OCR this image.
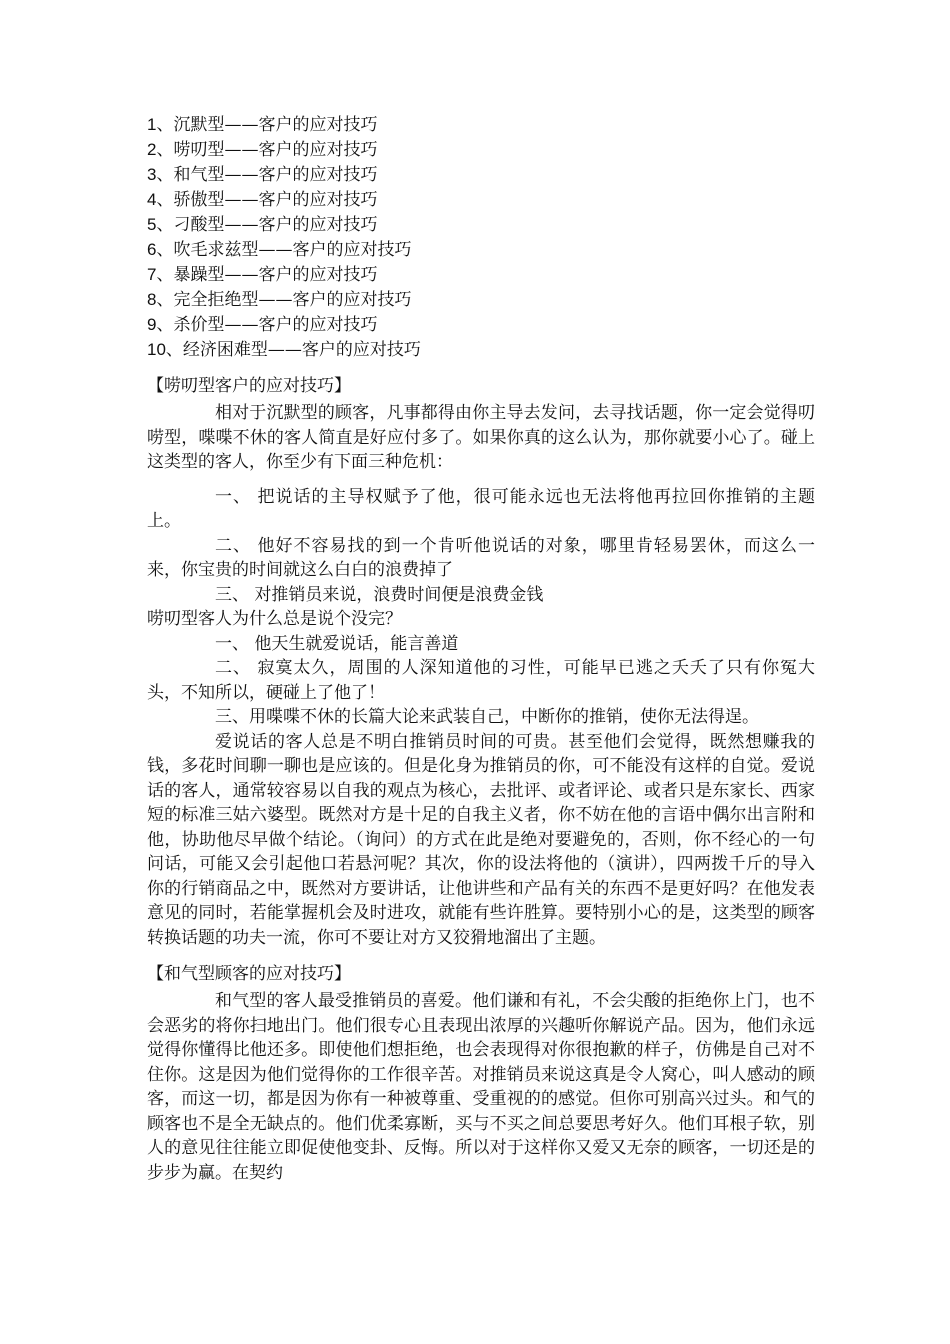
1、沉默型——客户的应对技巧
2、唠叨型——客户的应对技巧
3、和气型——客户的应对技巧
4、骄傲型——客户的应对技巧
5、刁酸型——客户的应对技巧
6、吹毛求兹型——客户的应对技巧
7、暴躁型——客户的应对技巧
8、完全拒绝型——客户的应对技巧
9、杀价型——客户的应对技巧
10、经济困难型——客户的应对技巧

【唠叨型客户的应对技巧】

相对于沉默型的顾客，凡事都得由你主导去发问，去寻找话题，你一定会觉得叨唠型，喋喋不休的客人简直是好应付多了。如果你真的这么认为，那你就要小心了。碰上这类型的客人，你至少有下面三种危机：

一、 把说话的主导权赋予了他，很可能永远也无法将他再拉回你推销的主题上。

二、 他好不容易找的到一个肯听他说话的对象，哪里肯轻易罢休，而这么一来，你宝贵的时间就这么白白的浪费掉了

三、 对推销员来说，浪费时间便是浪费金钱

唠叨型客人为什么总是说个没完？

一、 他天生就爱说话，能言善道

二、 寂寞太久，周围的人深知道他的习性，可能早已逃之夭夭了只有你冤大头，不知所以，硬碰上了他了！

三、用喋喋不休的长篇大论来武装自己，中断你的推销，使你无法得逞。

爱说话的客人总是不明白推销员时间的可贵。甚至他们会觉得，既然想赚我的钱，多花时间聊一聊也是应该的。但是化身为推销员的你，可不能没有这样的自觉。爱说话的客人，通常较容易以自我的观点为核心，去批评、或者评论、或者只是东家长、西家短的标准三姑六婆型。既然对方是十足的自我主义者，你不妨在他的言语中偶尔出言附和他，协助他尽早做个结论。（询问）的方式在此是绝对要避免的，否则，你不经心的一句问话，可能又会引起他口若悬河呢？其次，你的设法将他的（演讲），四两拨千斤的导入你的行销商品之中，既然对方要讲话，让他讲些和产品有关的东西不是更好吗？在他发表意见的同时，若能掌握机会及时进攻，就能有些许胜算。要特别小心的是，这类型的顾客转换话题的功夫一流，你可不要让对方又狡猾地溜出了主题。

【和气型顾客的应对技巧】

和气型的客人最受推销员的喜爱。他们谦和有礼，不会尖酸的拒绝你上门，也不会恶劣的将你扫地出门。他们很专心且表现出浓厚的兴趣听你解说产品。因为，他们永远觉得你懂得比他还多。即使他们想拒绝，也会表现得对你很抱歉的样子，仿佛是自己对不住你。这是因为他们觉得你的工作很辛苦。对推销员来说这真是令人窝心，叫人感动的顾客，而这一切，都是因为你有一种被尊重、受重视的的感觉。但你可别高兴过头。和气的顾客也不是全无缺点的。他们优柔寡断，买与不买之间总要思考好久。他们耳根子软，别人的意见往往能立即促使他变卦、反悔。所以对于这样你又爱又无奈的顾客，一切还是的步步为赢。在契约
